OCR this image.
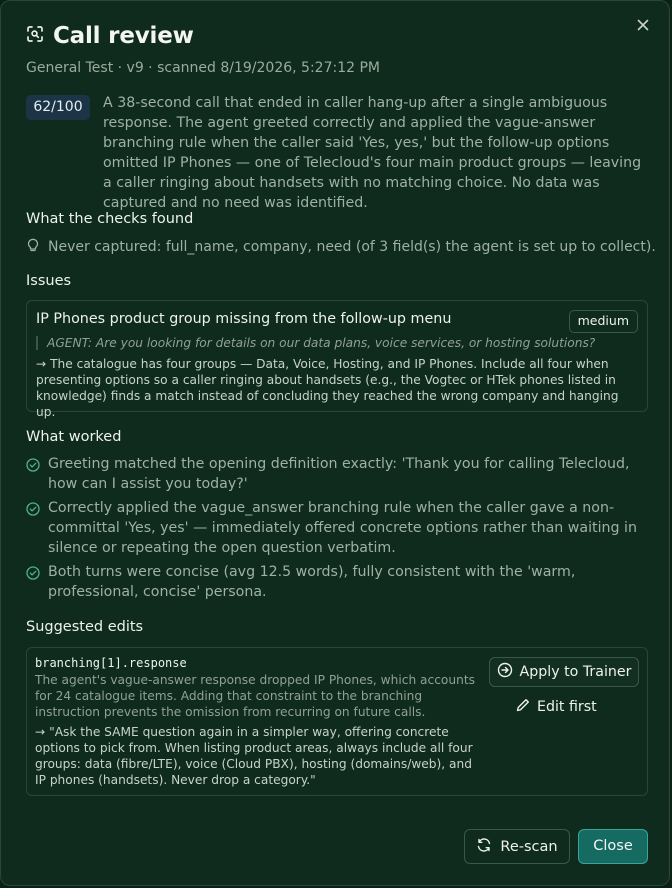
Call review
General Test · v9 · scanned 8/19/2026, 5:27:12 PM
62/100	A 38-second call that ended in caller hang-up after a single ambiguous response. The agent greeted correctly and applied the vague-answer branching rule when the caller said 'Yes, yes,' but the follow-up options omitted IP Phones — one of Telecloud's four main product groups — leaving a caller ringing about handsets with no matching choice. No data was captured and no need was identified.
What the checks found
Never captured: full_name, company, need (of 3 field(s) the agent is set up to collect).
Issues
IP Phones product group missing from the follow-up menu	medium
AGENT: Are you looking for details on our data plans, voice services, or hosting solutions?
→ The catalogue has four groups — Data, Voice, Hosting, and IP Phones. Include all four when presenting options so a caller ringing about handsets (e.g., the Vogtec or HTek phones listed in knowledge) finds a match instead of concluding they reached the wrong company and hanging up.
What worked
Greeting matched the opening definition exactly: 'Thank you for calling Telecloud, how can I assist you today?'
Correctly applied the vague_answer branching rule when the caller gave a non-committal 'Yes, yes' — immediately offered concrete options rather than waiting in silence or repeating the open question verbatim.
Both turns were concise (avg 12.5 words), fully consistent with the 'warm, professional, concise' persona.
Suggested edits
branching[1].response
The agent's vague-answer response dropped IP Phones, which accounts for 24 catalogue items. Adding that constraint to the branching instruction prevents the omission from recurring on future calls.
→ "Ask the SAME question again in a simpler way, offering concrete options to pick from. When listing product areas, always include all four groups: data (fibre/LTE), voice (Cloud PBX), hosting (domains/web), and IP phones (handsets). Never drop a category."
Apply to Trainer
Edit first
Re-scan	Close
